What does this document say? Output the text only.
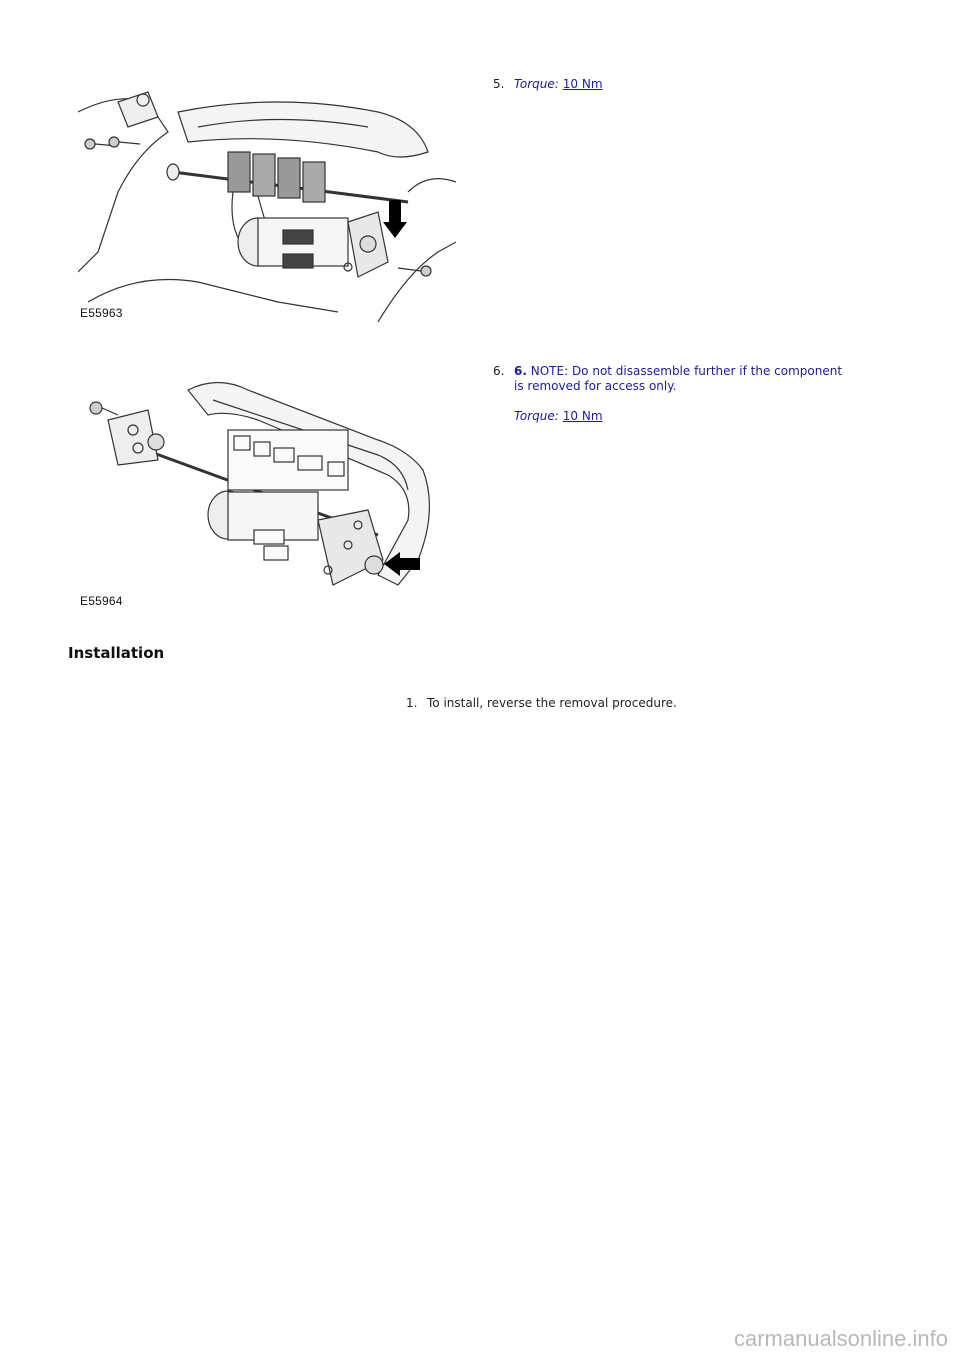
E55963
5. Torque: 10 Nm
E55964
6. 6. NOTE: Do not disassemble further if the component
is removed for access only.
Torque: 10 Nm
Installation
1. To install, reverse the removal procedure.
carmanualsonline.info
